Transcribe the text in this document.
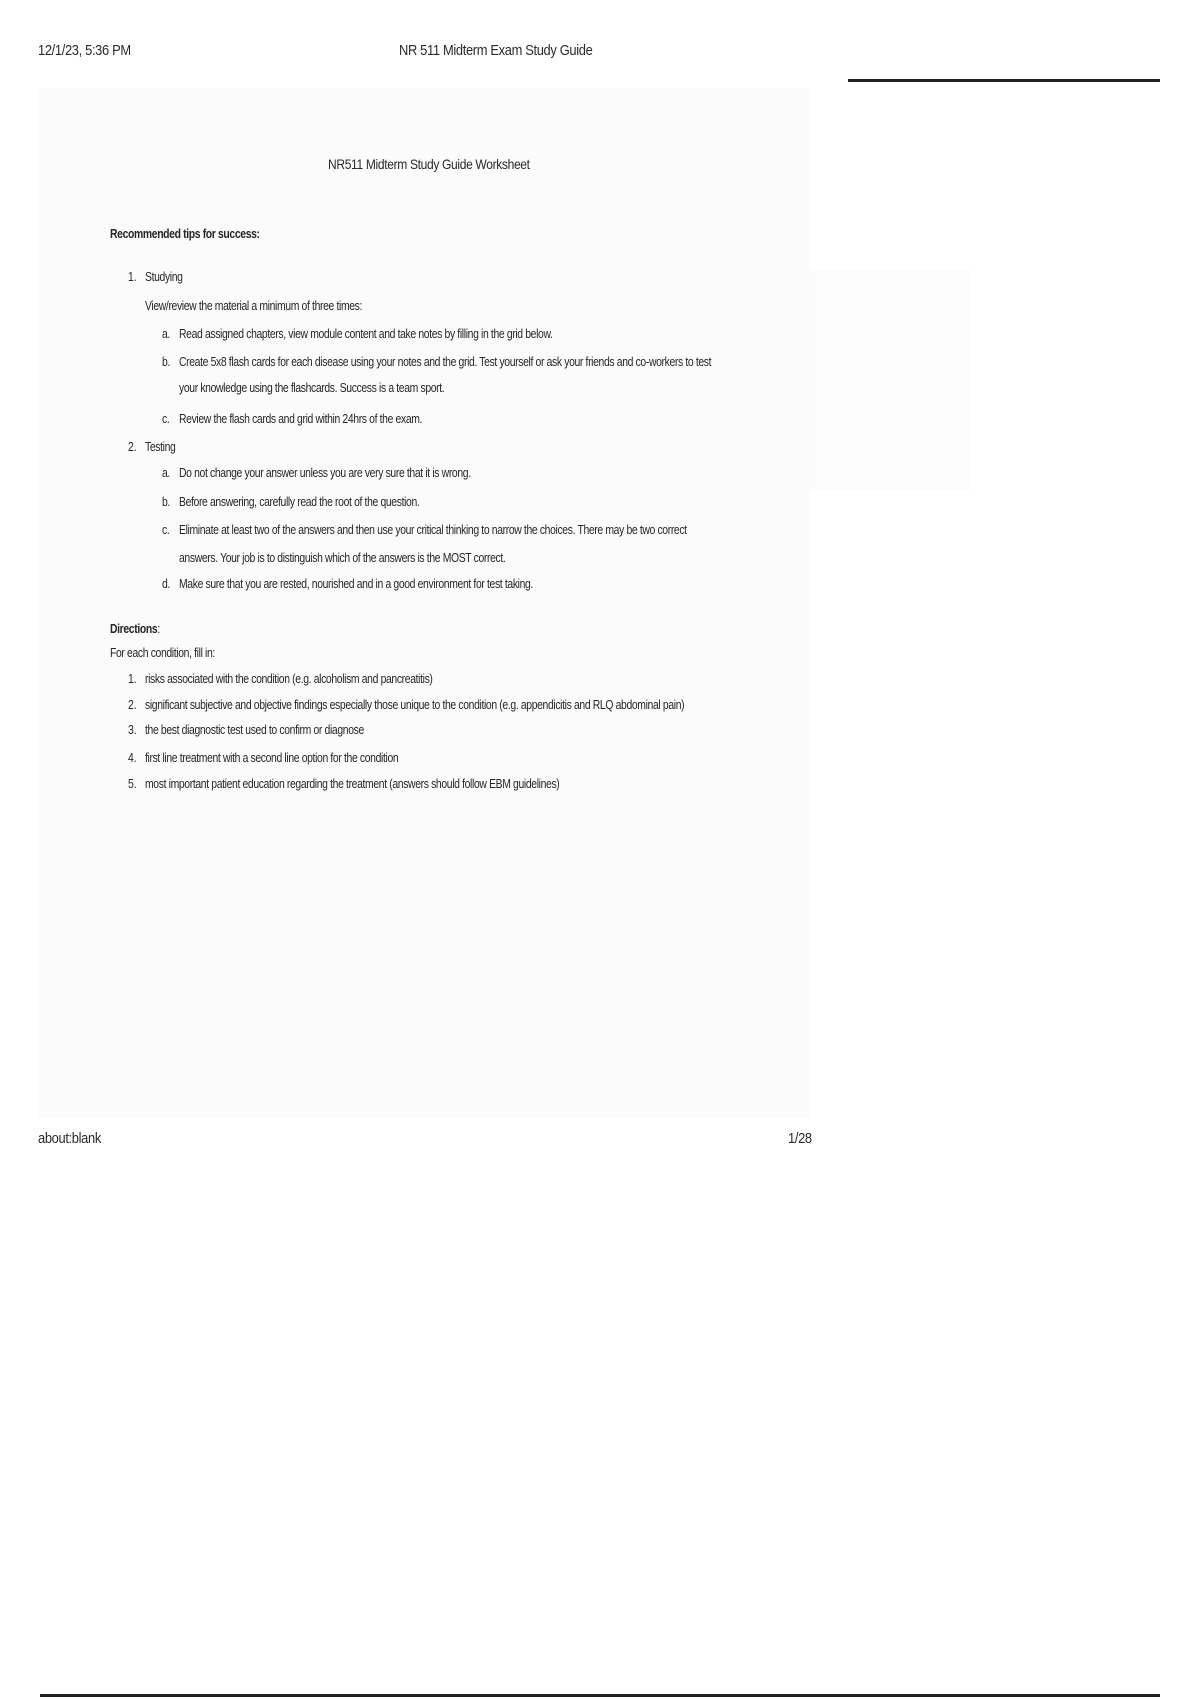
12/1/23, 5:36 PM	NR 511 Midterm Exam Study Guide
NR511 Midterm Study Guide Worksheet
Recommended tips for success:
1. Studying
View/review the material a minimum of three times:
a. Read assigned chapters, view module content and take notes by filling in the grid below.
b. Create 5x8 flash cards for each disease using your notes and the grid. Test yourself or ask your friends and co-workers to test
your knowledge using the flashcards. Success is a team sport.
c. Review the flash cards and grid within 24hrs of the exam.
2. Testing
a. Do not change your answer unless you are very sure that it is wrong.
b. Before answering, carefully read the root of the question.
c. Eliminate at least two of the answers and then use your critical thinking to narrow the choices. There may be two correct
answers. Your job is to distinguish which of the answers is the MOST correct.
d. Make sure that you are rested, nourished and in a good environment for test taking.
Directions:
For each condition, fill in:
1. risks associated with the condition (e.g. alcoholism and pancreatitis)
2. significant subjective and objective findings especially those unique to the condition (e.g. appendicitis and RLQ abdominal pain)
3. the best diagnostic test used to confirm or diagnose
4. first line treatment with a second line option for the condition
5. most important patient education regarding the treatment (answers should follow EBM guidelines)
about:blank	1/28
